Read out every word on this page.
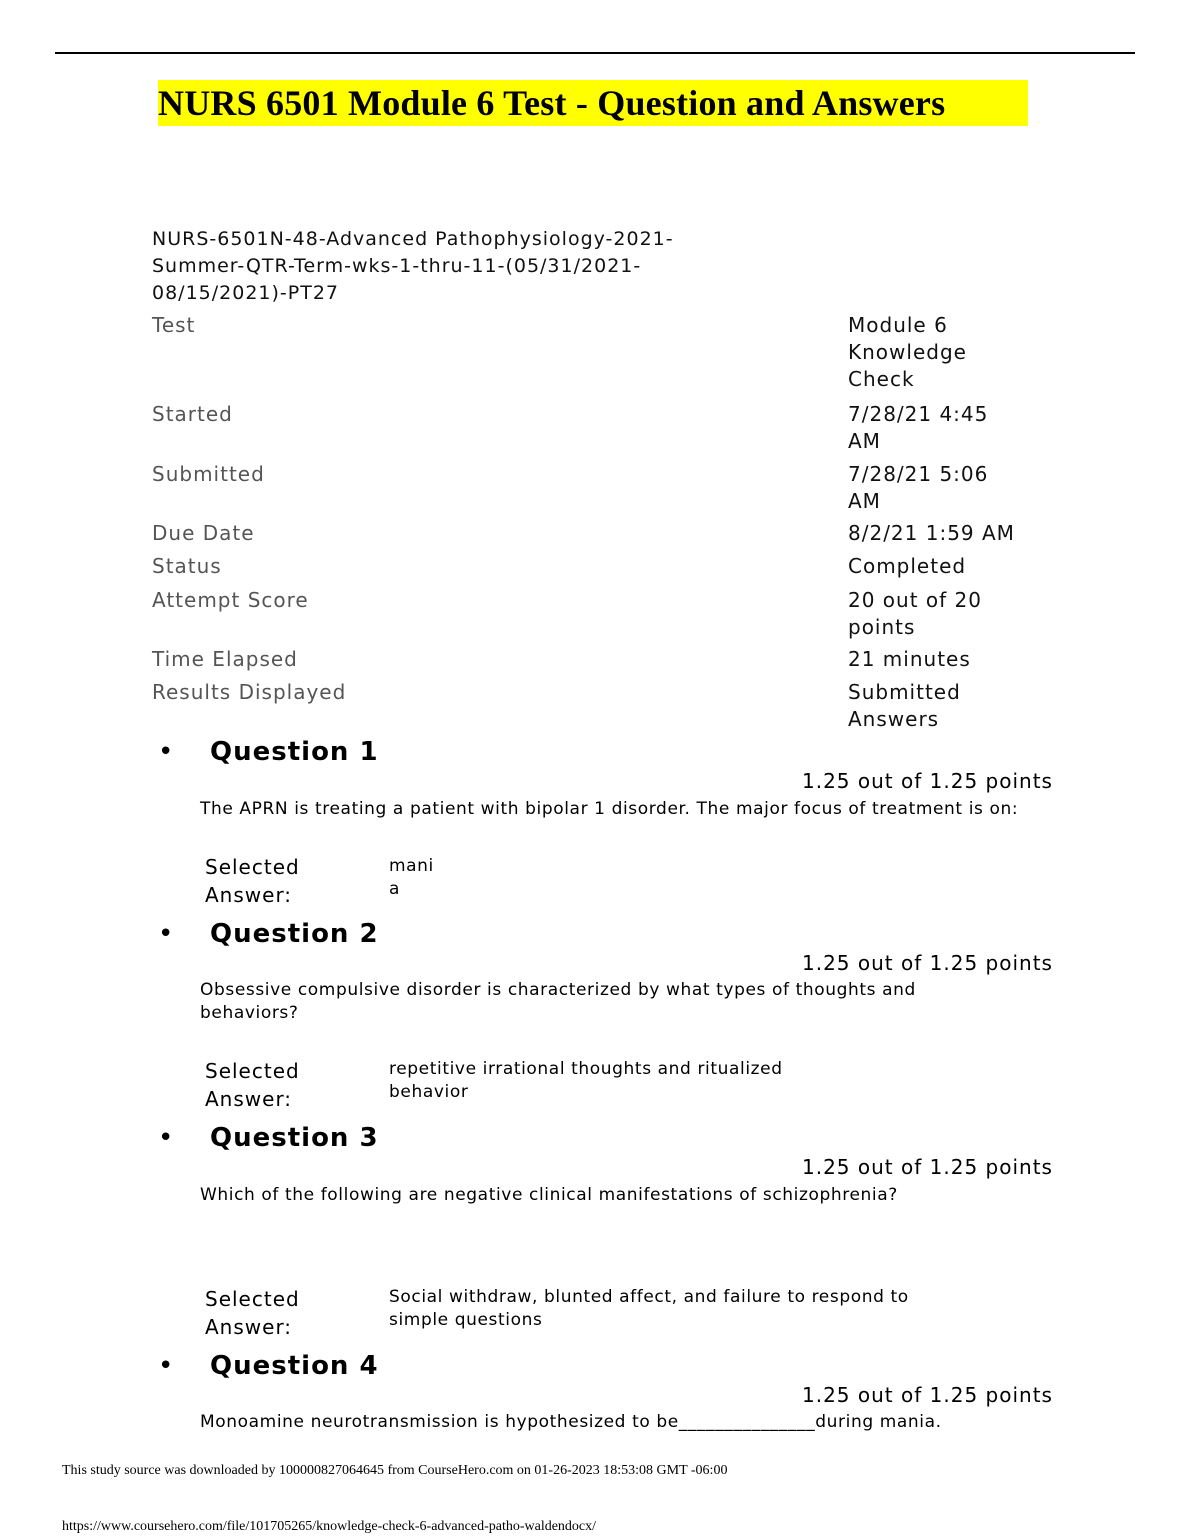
NURS 6501 Module 6 Test - Question and Answers
NURS-6501N-48-Advanced Pathophysiology-2021-Summer-QTR-Term-wks-1-thru-11-(05/31/2021-08/15/2021)-PT27
Test	Module 6 Knowledge Check
Started	7/28/21 4:45 AM
Submitted	7/28/21 5:06 AM
Due Date	8/2/21 1:59 AM
Status	Completed
Attempt Score	20 out of 20 points
Time Elapsed	21 minutes
Results Displayed	Submitted Answers
• Question 1
1.25 out of 1.25 points
The APRN is treating a patient with bipolar 1 disorder. The major focus of treatment is on:
Selected Answer:
mania
• Question 2
1.25 out of 1.25 points
Obsessive compulsive disorder is characterized by what types of thoughts and behaviors?
Selected Answer:
repetitive irrational thoughts and ritualized behavior
• Question 3
1.25 out of 1.25 points
Which of the following are negative clinical manifestations of schizophrenia?
Selected Answer:
Social withdraw, blunted affect, and failure to respond to simple questions
• Question 4
1.25 out of 1.25 points
Monoamine neurotransmission is hypothesized to be_______________during mania.
This study source was downloaded by 100000827064645 from CourseHero.com on 01-26-2023 18:53:08 GMT -06:00
https://www.coursehero.com/file/101705265/knowledge-check-6-advanced-patho-waldendocx/
